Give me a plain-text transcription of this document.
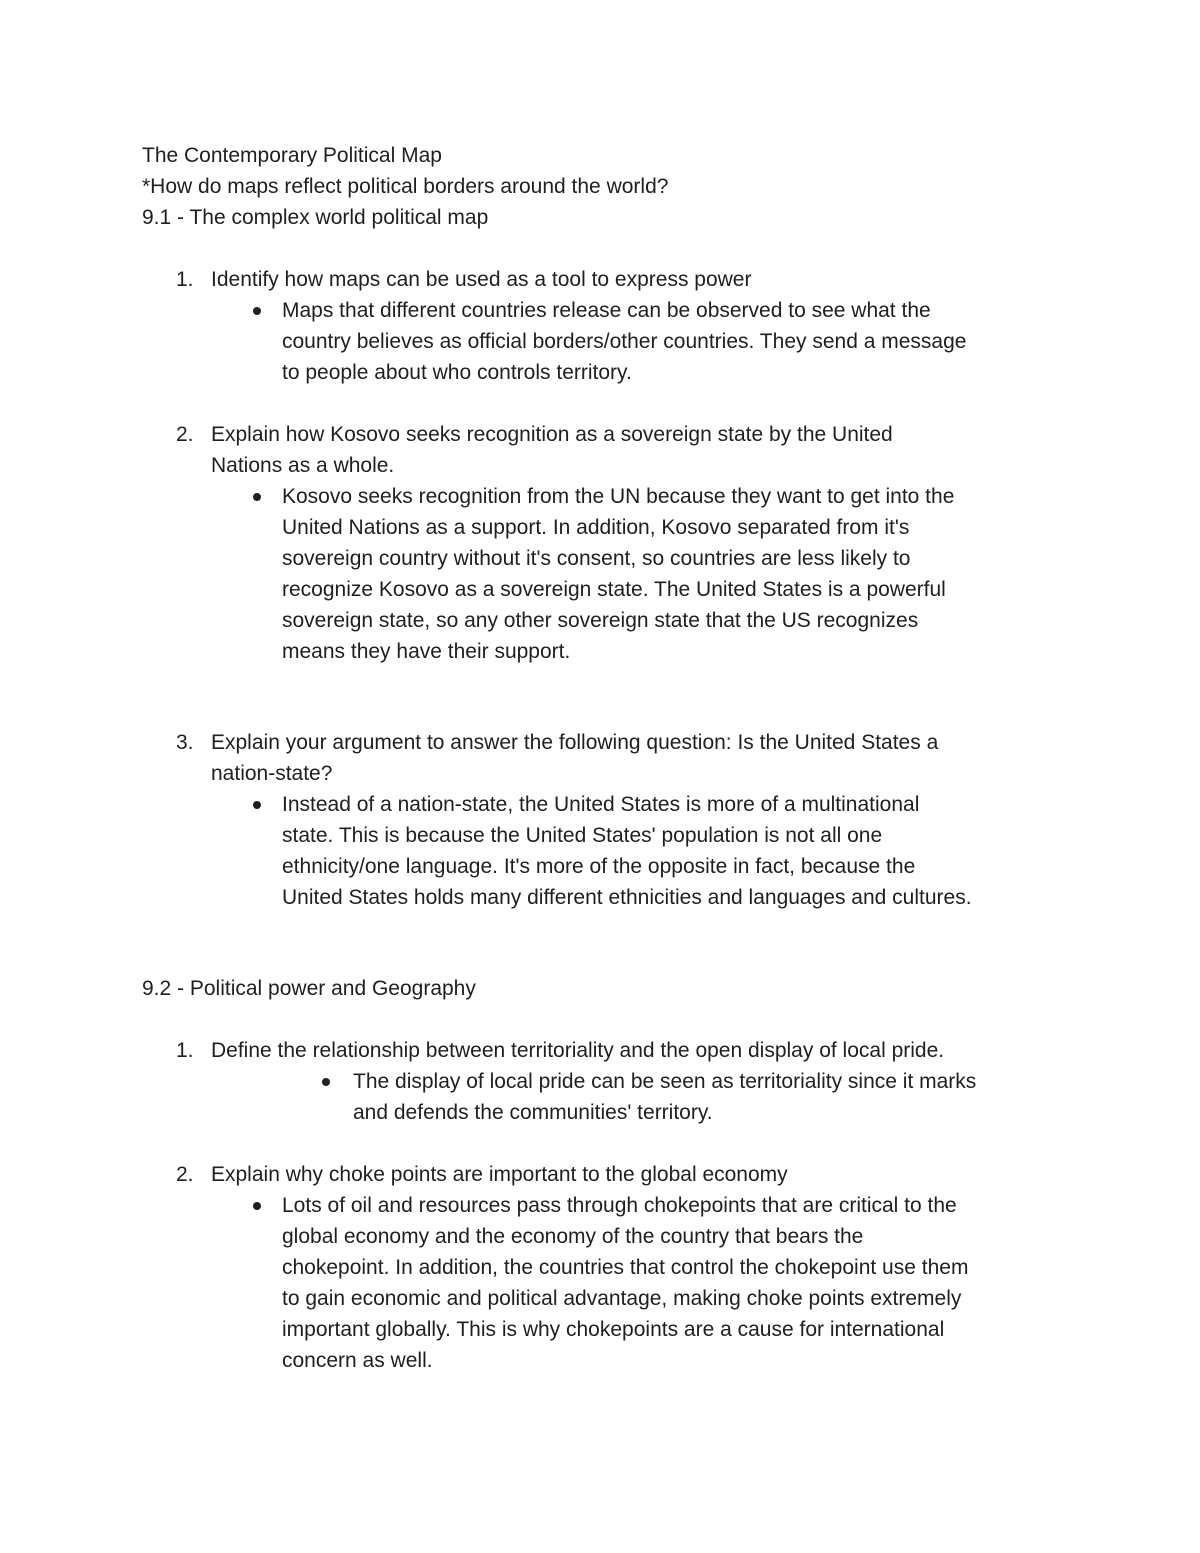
The Contemporary Political Map

*How do maps reflect political borders around the world?

9.1 - The complex world political map

1. Identify how maps can be used as a tool to express power

Maps that different countries release can be observed to see what the

country believes as official borders/other countries. They send a message

to people about who controls territory.

2. Explain how Kosovo seeks recognition as a sovereign state by the United

Nations as a whole.

Kosovo seeks recognition from the UN because they want to get into the

United Nations as a support. In addition, Kosovo separated from it's

sovereign country without it's consent, so countries are less likely to

recognize Kosovo as a sovereign state. The United States is a powerful

sovereign state, so any other sovereign state that the US recognizes

means they have their support.

3. Explain your argument to answer the following question: Is the United States a

nation-state?

Instead of a nation-state, the United States is more of a multinational

state. This is because the United States' population is not all one

ethnicity/one language. It's more of the opposite in fact, because the

United States holds many different ethnicities and languages and cultures.

9.2 - Political power and Geography

1. Define the relationship between territoriality and the open display of local pride.

The display of local pride can be seen as territoriality since it marks

and defends the communities' territory.

2. Explain why choke points are important to the global economy

Lots of oil and resources pass through chokepoints that are critical to the

global economy and the economy of the country that bears the

chokepoint. In addition, the countries that control the chokepoint use them

to gain economic and political advantage, making choke points extremely

important globally. This is why chokepoints are a cause for international

concern as well.
